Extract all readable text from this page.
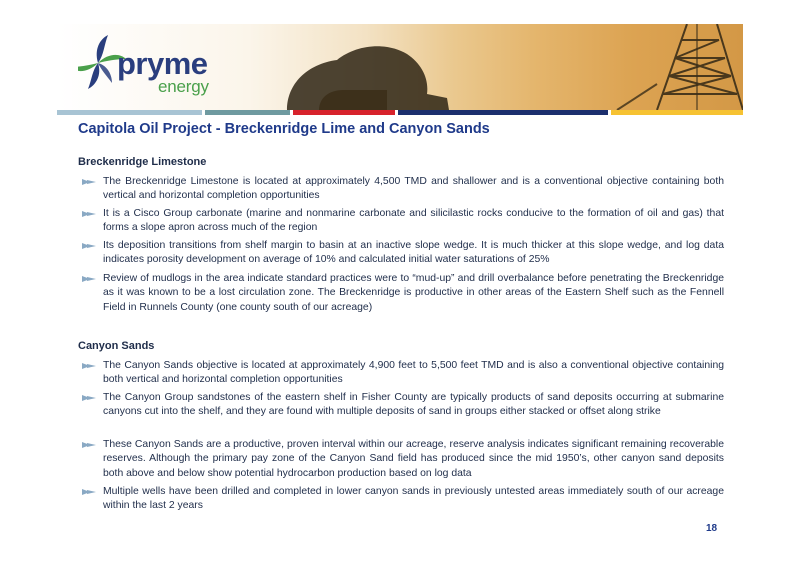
pryme
energy
Capitola Oil Project - Breckenridge Lime and Canyon Sands
Breckenridge Limestone
The Breckenridge Limestone is located at approximately 4,500 TMD and shallower and is a conventional objective containing both vertical and horizontal completion opportunities
It is a Cisco Group carbonate (marine and nonmarine carbonate and silicilastic rocks conducive to the formation of oil and gas) that forms a slope apron across much of the region
Its deposition transitions from shelf margin to basin at an inactive slope wedge. It is much thicker at this slope wedge, and log data indicates porosity development on average of 10% and calculated initial water saturations of 25%
Review of mudlogs in the area indicate standard practices were to “mud-up” and drill overbalance before penetrating the Breckenridge as it was known to be a lost circulation zone. The Breckenridge is productive in other areas of the Eastern Shelf such as the Fennell Field in Runnels County (one county south of our acreage)
Canyon Sands
The Canyon Sands objective is located at approximately 4,900 feet to 5,500 feet TMD and is also a conventional objective containing both vertical and horizontal completion opportunities
The Canyon Group sandstones of the eastern shelf in Fisher County are typically products of sand deposits occurring at submarine canyons cut into the shelf, and they are found with multiple deposits of sand in groups either stacked or offset along strike
These Canyon Sands are a productive, proven interval within our acreage, reserve analysis indicates significant remaining recoverable reserves. Although the primary pay zone of the Canyon Sand field has produced since the mid 1950’s, other canyon sand deposits both above and below show potential hydrocarbon production based on log data
Multiple wells have been drilled and completed in lower canyon sands in previously untested areas immediately south of our acreage within the last 2 years
18
